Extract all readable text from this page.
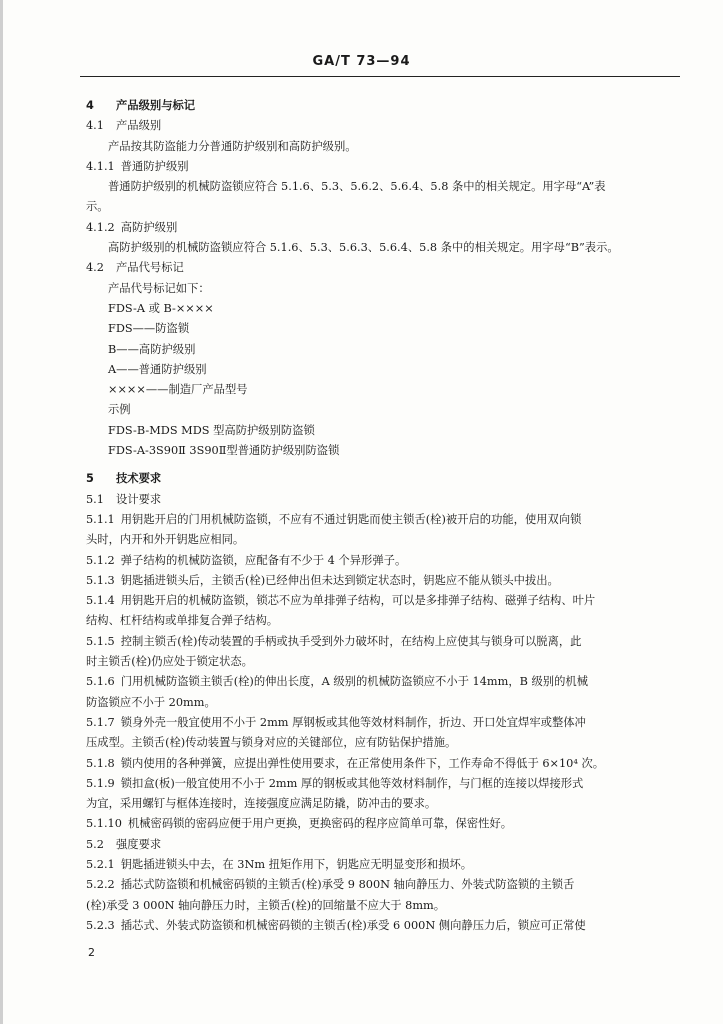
GA/T 73—94
4 产品级别与标记
4.1 产品级别
产品按其防盗能力分普通防护级别和高防护级别。
4.1.1 普通防护级别
普通防护级别的机械防盗锁应符合 5.1.6、5.3、5.6.2、5.6.4、5.8 条中的相关规定。用字母“A”表
示。
4.1.2 高防护级别
高防护级别的机械防盗锁应符合 5.1.6、5.3、5.6.3、5.6.4、5.8 条中的相关规定。用字母“B”表示。
4.2 产品代号标记
产品代号标记如下：
FDS-A 或 B-××××
FDS——防盗锁
B——高防护级别
A——普通防护级别
××××——制造厂产品型号
示例
FDS-B-MDS MDS 型高防护级别防盗锁
FDS-A-3S90Ⅱ 3S90Ⅱ型普通防护级别防盗锁
5 技术要求
5.1 设计要求
5.1.1 用钥匙开启的门用机械防盗锁，不应有不通过钥匙而使主锁舌(栓)被开启的功能，使用双向锁
头时，内开和外开钥匙应相同。
5.1.2 弹子结构的机械防盗锁，应配备有不少于 4 个异形弹子。
5.1.3 钥匙插进锁头后，主锁舌(栓)已经伸出但未达到锁定状态时，钥匙应不能从锁头中拔出。
5.1.4 用钥匙开启的机械防盗锁，锁芯不应为单排弹子结构，可以是多排弹子结构、磁弹子结构、叶片
结构、杠杆结构或单排复合弹子结构。
5.1.5 控制主锁舌(栓)传动装置的手柄或执手受到外力破坏时，在结构上应使其与锁身可以脱离，此
时主锁舌(栓)仍应处于锁定状态。
5.1.6 门用机械防盗锁主锁舌(栓)的伸出长度，A 级别的机械防盗锁应不小于 14mm，B 级别的机械
防盗锁应不小于 20mm。
5.1.7 锁身外壳一般宜使用不小于 2mm 厚钢板或其他等效材料制作，折边、开口处宜焊牢或整体冲
压成型。主锁舌(栓)传动装置与锁身对应的关键部位，应有防钻保护措施。
5.1.8 锁内使用的各种弹簧，应提出弹性使用要求，在正常使用条件下，工作寿命不得低于 6×10⁴ 次。
5.1.9 锁扣盒(板)一般宜使用不小于 2mm 厚的钢板或其他等效材料制作，与门框的连接以焊接形式
为宜，采用螺钉与框体连接时，连接强度应满足防撬，防冲击的要求。
5.1.10 机械密码锁的密码应便于用户更换，更换密码的程序应简单可靠，保密性好。
5.2 强度要求
5.2.1 钥匙插进锁头中去，在 3Nm 扭矩作用下，钥匙应无明显变形和损坏。
5.2.2 插芯式防盗锁和机械密码锁的主锁舌(栓)承受 9 800N 轴向静压力、外装式防盗锁的主锁舌
(栓)承受 3 000N 轴向静压力时，主锁舌(栓)的回缩量不应大于 8mm。
5.2.3 插芯式、外装式防盗锁和机械密码锁的主锁舌(栓)承受 6 000N 侧向静压力后，锁应可正常使
2
